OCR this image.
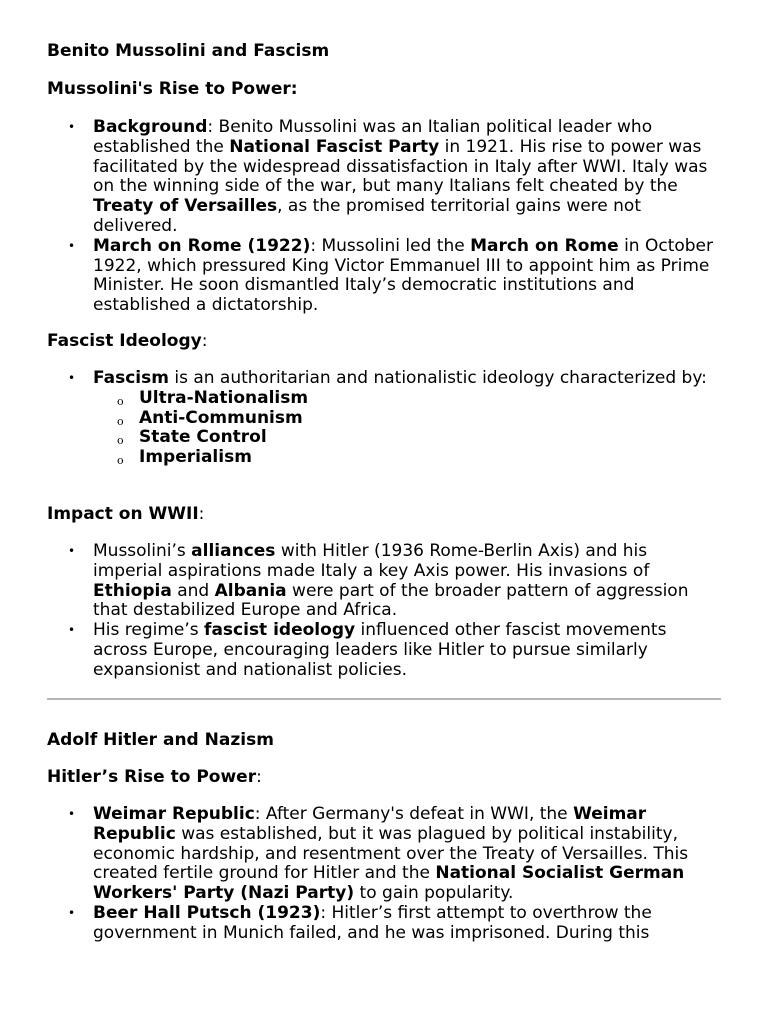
Benito Mussolini and Fascism
Mussolini's Rise to Power:
• Background: Benito Mussolini was an Italian political leader who established the National Fascist Party in 1921. His rise to power was facilitated by the widespread dissatisfaction in Italy after WWI. Italy was on the winning side of the war, but many Italians felt cheated by the Treaty of Versailles, as the promised territorial gains were not delivered.
• March on Rome (1922): Mussolini led the March on Rome in October 1922, which pressured King Victor Emmanuel III to appoint him as Prime Minister. He soon dismantled Italy’s democratic institutions and established a dictatorship.
Fascist Ideology:
• Fascism is an authoritarian and nationalistic ideology characterized by:
o Ultra-Nationalism
o Anti-Communism
o State Control
o Imperialism
Impact on WWII:
• Mussolini’s alliances with Hitler (1936 Rome-Berlin Axis) and his imperial aspirations made Italy a key Axis power. His invasions of Ethiopia and Albania were part of the broader pattern of aggression that destabilized Europe and Africa.
• His regime’s fascist ideology influenced other fascist movements across Europe, encouraging leaders like Hitler to pursue similarly expansionist and nationalist policies.
Adolf Hitler and Nazism
Hitler’s Rise to Power:
• Weimar Republic: After Germany's defeat in WWI, the Weimar Republic was established, but it was plagued by political instability, economic hardship, and resentment over the Treaty of Versailles. This created fertile ground for Hitler and the National Socialist German Workers' Party (Nazi Party) to gain popularity.
• Beer Hall Putsch (1923): Hitler’s first attempt to overthrow the government in Munich failed, and he was imprisoned. During this
